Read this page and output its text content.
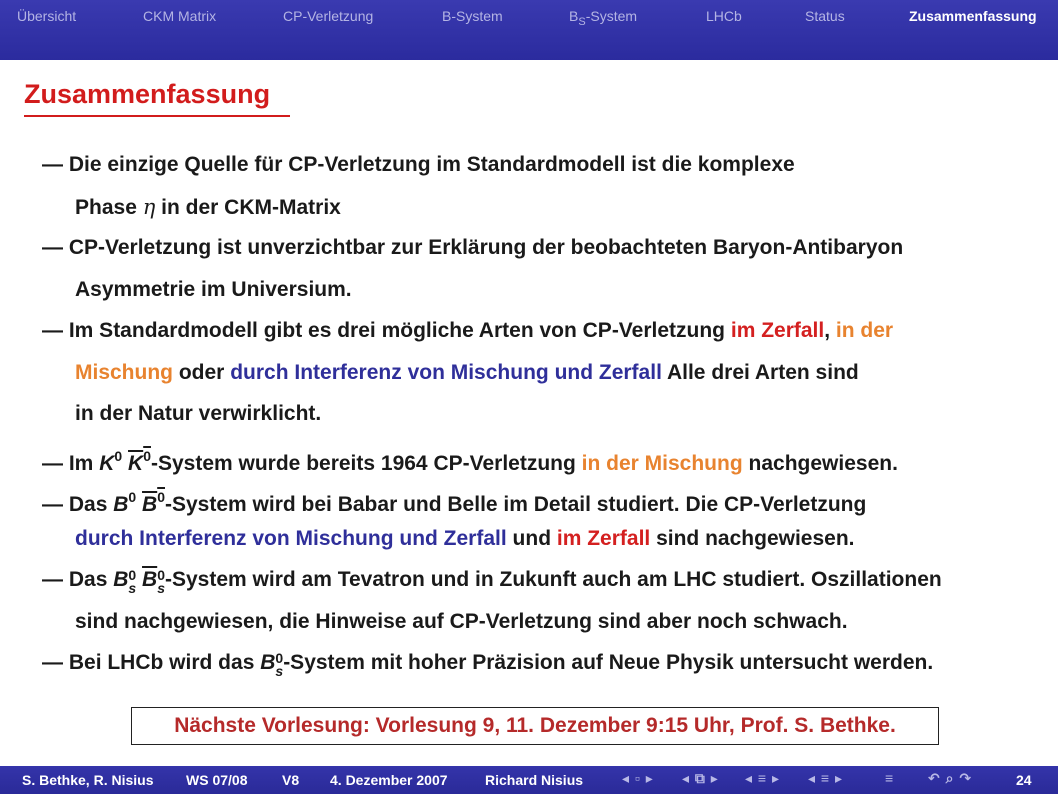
Übersicht	CKM Matrix	CP-Verletzung	B-System	$B_S$-System	LHCb	Status	Zusammenfassung
Zusammenfassung
— Die einzige Quelle für CP-Verletzung im Standardmodell ist die komplexe
Phase η in der CKM-Matrix
— CP-Verletzung ist unverzichtbar zur Erklärung der beobachteten Baryon-Antibaryon
Asymmetrie im Universium.
— Im Standardmodell gibt es drei mögliche Arten von CP-Verletzung im Zerfall, in der
Mischung oder durch Interferenz von Mischung und Zerfall Alle drei Arten sind
in der Natur verwirklicht.
— Im $K^0$ $K^0$-System wurde bereits 1964 CP-Verletzung in der Mischung nachgewiesen.
— Das $B^0$ $B^0$-System wird bei Babar und Belle im Detail studiert. Die CP-Verletzung
durch Interferenz von Mischung und Zerfall und im Zerfall sind nachgewiesen.
— Das B 0
s B 0
s -System wird am Tevatron und in Zukunft auch am LHC studiert. Oszillationen
sind nachgewiesen, die Hinweise auf CP-Verletzung sind aber noch schwach.
— Bei LHCb wird das B 0
s -System mit hoher Präzision auf Neue Physik untersucht werden.
Nächste Vorlesung: Vorlesung 9, 11. Dezember 9:15 Uhr, Prof. S. Bethke.
S. Bethke, R. Nisius WS 07/08 V8 4. Dezember 2007	Richard Nisius	◂ ▫ ▸ ◂ ⧉ ▸ ◂ ≡ ▸ ◂ ≡ ▸	≡ ↶ ⌕ ↷	24
